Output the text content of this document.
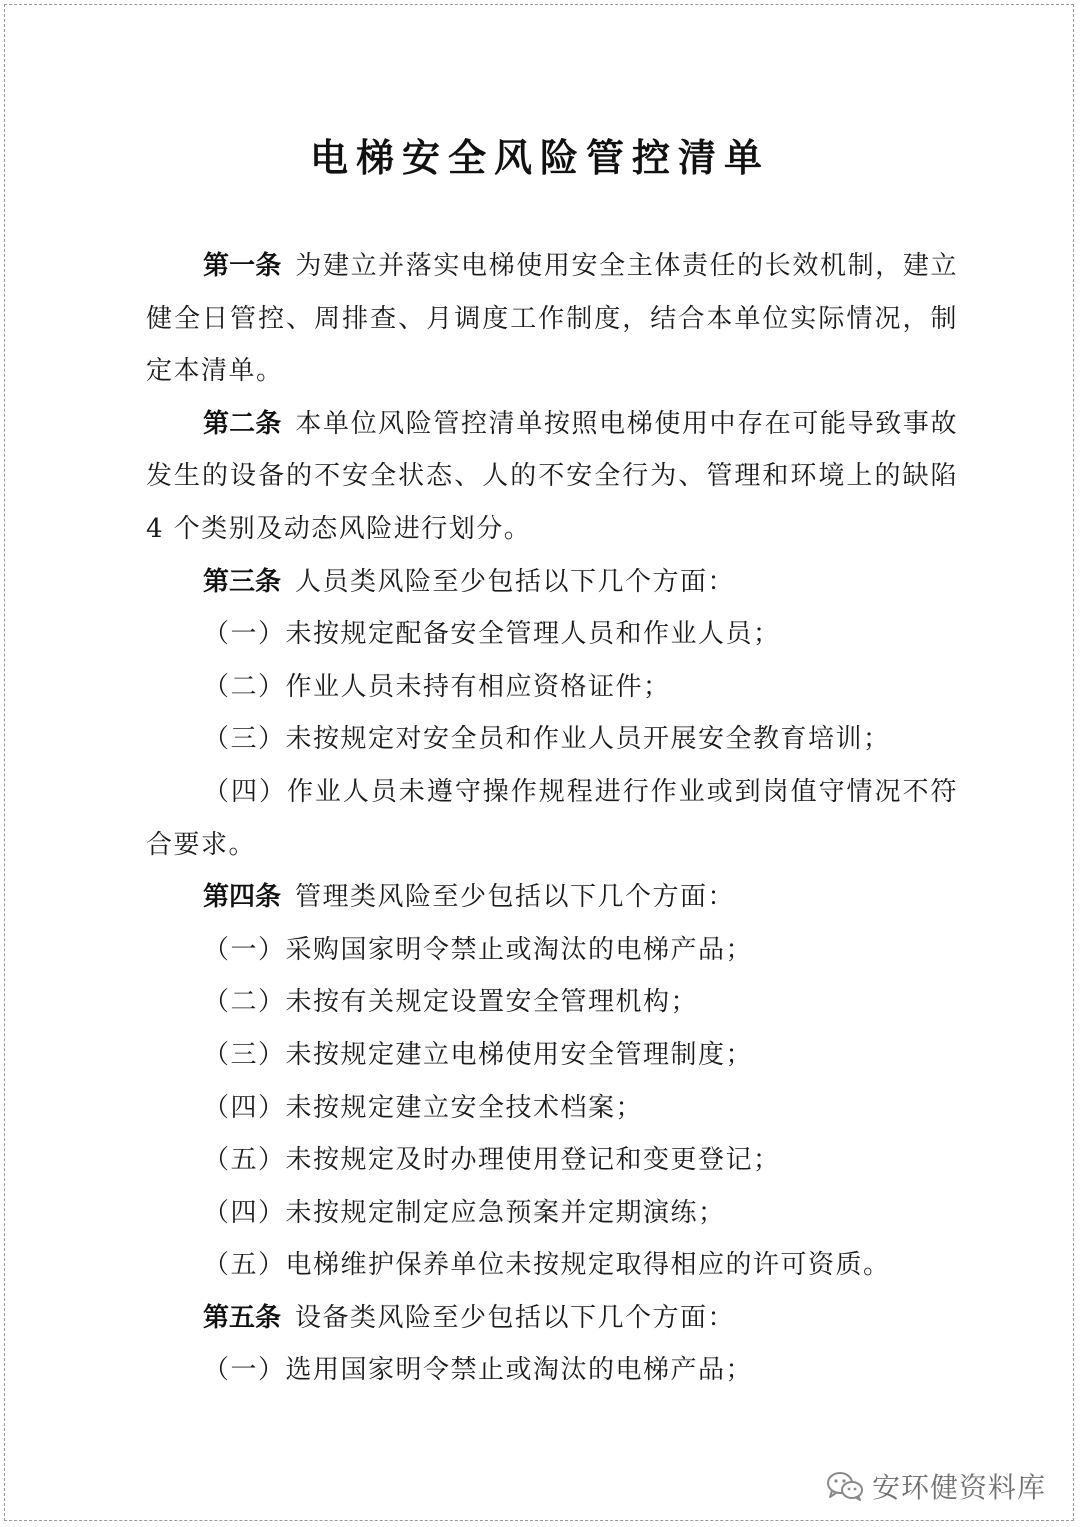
电梯安全风险管控清单

第一条 为建立并落实电梯使用安全主体责任的长效机制，建立健全日管控、周排查、月调度工作制度，结合本单位实际情况，制定本清单。

第二条 本单位风险管控清单按照电梯使用中存在可能导致事故发生的设备的不安全状态、人的不安全行为、管理和环境上的缺陷 4 个类别及动态风险进行划分。

第三条 人员类风险至少包括以下几个方面：

（一）未按规定配备安全管理人员和作业人员；

（二）作业人员未持有相应资格证件；

（三）未按规定对安全员和作业人员开展安全教育培训；

（四）作业人员未遵守操作规程进行作业或到岗值守情况不符合要求。

第四条 管理类风险至少包括以下几个方面：

（一）采购国家明令禁止或淘汰的电梯产品；

（二）未按有关规定设置安全管理机构；

（三）未按规定建立电梯使用安全管理制度；

（四）未按规定建立安全技术档案；

（五）未按规定及时办理使用登记和变更登记；

（四）未按规定制定应急预案并定期演练；

（五）电梯维护保养单位未按规定取得相应的许可资质。

第五条 设备类风险至少包括以下几个方面：

（一）选用国家明令禁止或淘汰的电梯产品；

安环健资料库
